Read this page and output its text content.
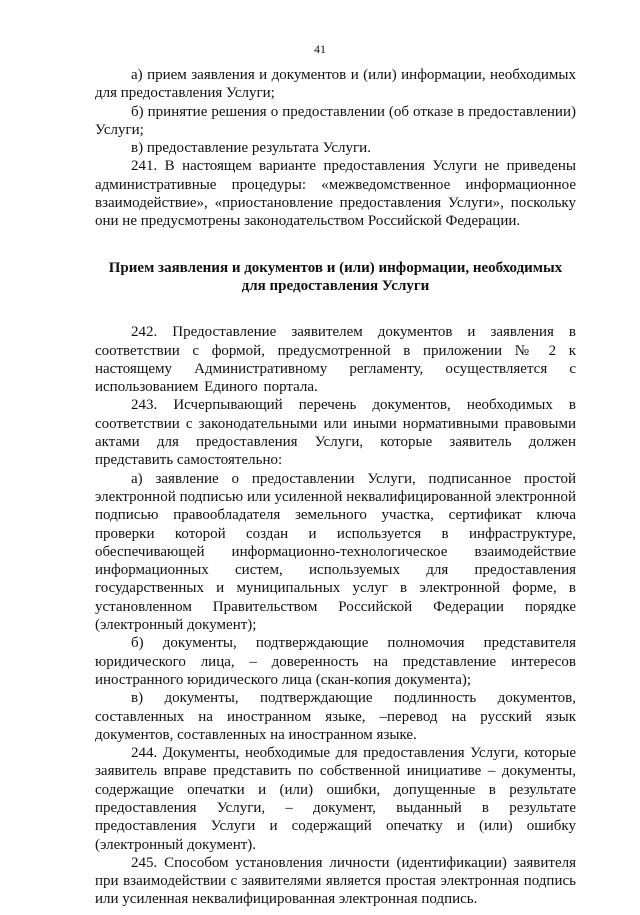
41

а) прием заявления и документов и (или) информации, необходимых для предоставления Услуги;

б) принятие решения о предоставлении (об отказе в предоставлении) Услуги;

в) предоставление результата Услуги.

241. В настоящем варианте предоставления Услуги не приведены административные процедуры: «межведомственное информационное взаимодействие», «приостановление предоставления Услуги», поскольку они не предусмотрены законодательством Российской Федерации.

Прием заявления и документов и (или) информации, необходимых для предоставления Услуги

242. Предоставление заявителем документов и заявления в соответствии с формой, предусмотренной в приложении № 2 к настоящему Административному регламенту, осуществляется с использованием Единого портала.

243. Исчерпывающий перечень документов, необходимых в соответствии с законодательными или иными нормативными правовыми актами для предоставления Услуги, которые заявитель должен представить самостоятельно:

а) заявление о предоставлении Услуги, подписанное простой электронной подписью или усиленной неквалифицированной электронной подписью правообладателя земельного участка, сертификат ключа проверки которой создан и используется в инфраструктуре, обеспечивающей информационно-технологическое взаимодействие информационных систем, используемых для предоставления государственных и муниципальных услуг в электронной форме, в установленном Правительством Российской Федерации порядке (электронный документ);

б) документы, подтверждающие полномочия представителя юридического лица, – доверенность на представление интересов иностранного юридического лица (скан-копия документа);

в) документы, подтверждающие подлинность документов, составленных на иностранном языке, –перевод на русский язык документов, составленных на иностранном языке.

244. Документы, необходимые для предоставления Услуги, которые заявитель вправе представить по собственной инициативе – документы, содержащие опечатки и (или) ошибки, допущенные в результате предоставления Услуги, – документ, выданный в результате предоставления Услуги и содержащий опечатку и (или) ошибку (электронный документ).

245. Способом установления личности (идентификации) заявителя при взаимодействии с заявителями является простая электронная подпись или усиленная неквалифицированная электронная подпись.
